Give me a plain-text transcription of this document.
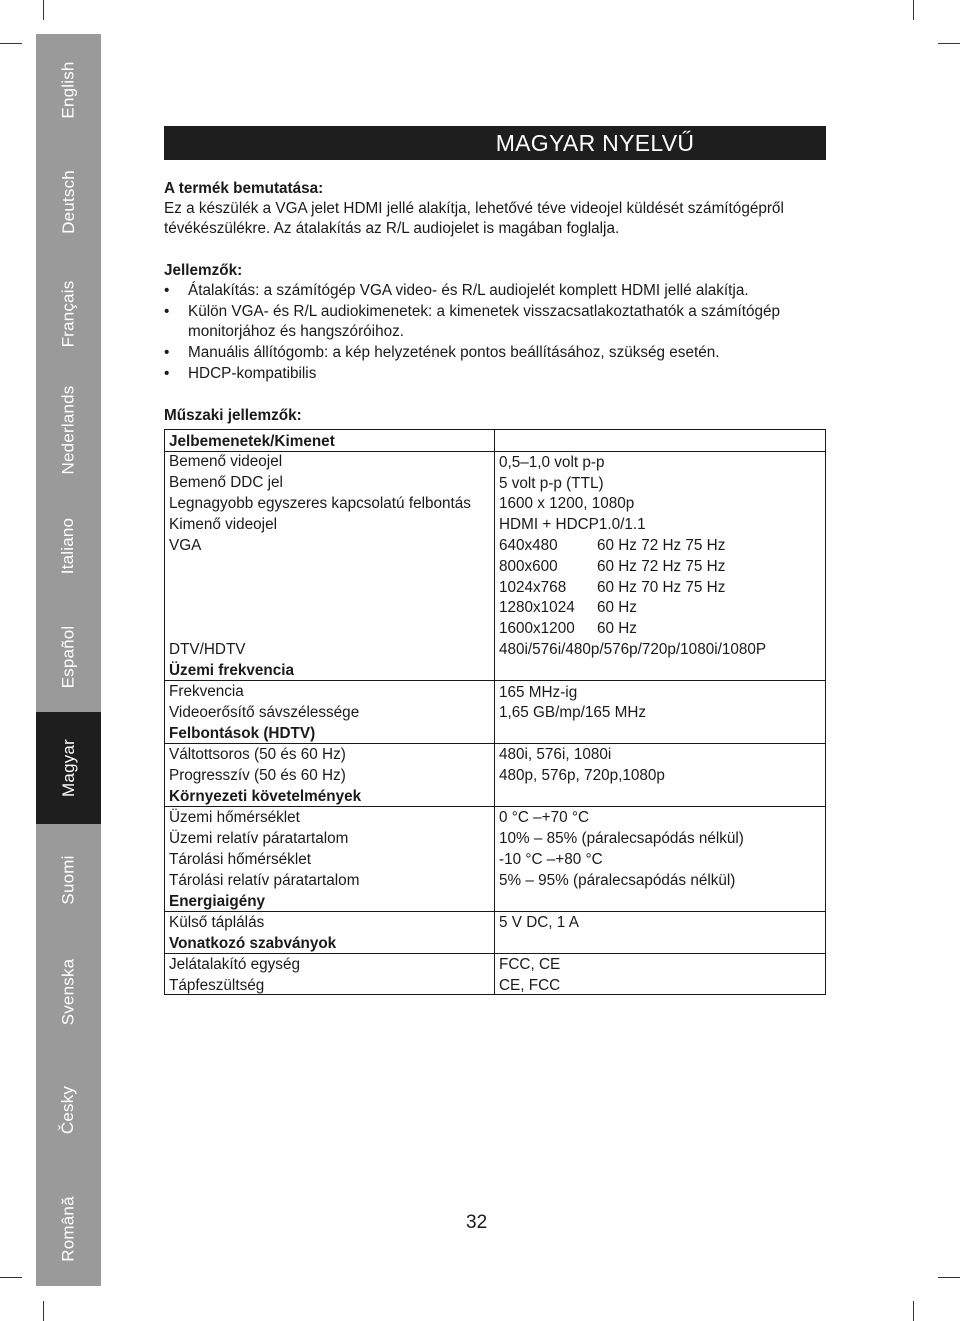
English
Deutsch
Français
Nederlands
Italiano
Español
Magyar
Suomi
Svenska
Česky
Română
MAGYAR NYELVŰ
A termék bemutatása:
Ez a készülék a VGA jelet HDMI jellé alakítja, lehetővé téve videojel küldését számítógépről
tévékészülékre. Az átalakítás az R/L audiojelet is magában foglalja.
Jellemzők:
• Átalakítás: a számítógép VGA video- és R/L audiojelét komplett HDMI jellé alakítja.
• Külön VGA- és R/L audiokimenetek: a kimenetek visszacsatlakoztathatók a számítógép
monitorjához és hangszóróihoz.
• Manuális állítógomb: a kép helyzetének pontos beállításához, szükség esetén.
• HDCP-kompatibilis
Műszaki jellemzők:
Jelbemenetek/Kimenet
Bemenő videojel	0,5–1,0 volt p-p
Bemenő DDC jel	5 volt p-p (TTL)
Legnagyobb egyszeres kapcsolatú felbontás 1600 x 1200, 1080p
Kimenő videojel	HDMI + HDCP1.0/1.1
VGA	640x480	60 Hz 72 Hz 75 Hz
800x600	60 Hz 72 Hz 75 Hz
1024x768 60 Hz 70 Hz 75 Hz
1280x1024 60 Hz
1600x1200 60 Hz
DTV/HDTV	480i/576i/480p/576p/720p/1080i/1080P
Üzemi frekvencia
Frekvencia	165 MHz-ig
Videoerősítő sávszélessége	1,65 GB/mp/165 MHz
Felbontások (HDTV)
Váltottsoros (50 és 60 Hz)	480i, 576i, 1080i
Progresszív (50 és 60 Hz)	480p, 576p, 720p,1080p
Környezeti követelmények
Üzemi hőmérséklet	0 °C –+70 °C
Üzemi relatív páratartalom	10% – 85% (páralecsapódás nélkül)
Tárolási hőmérséklet	-10 °C –+80 °C
Tárolási relatív páratartalom	5% – 95% (páralecsapódás nélkül)
Energiaigény
Külső táplálás	5 V DC, 1 A
Vonatkozó szabványok
Jelátalakító egység	FCC, CE
Tápfeszültség	CE, FCC
32
